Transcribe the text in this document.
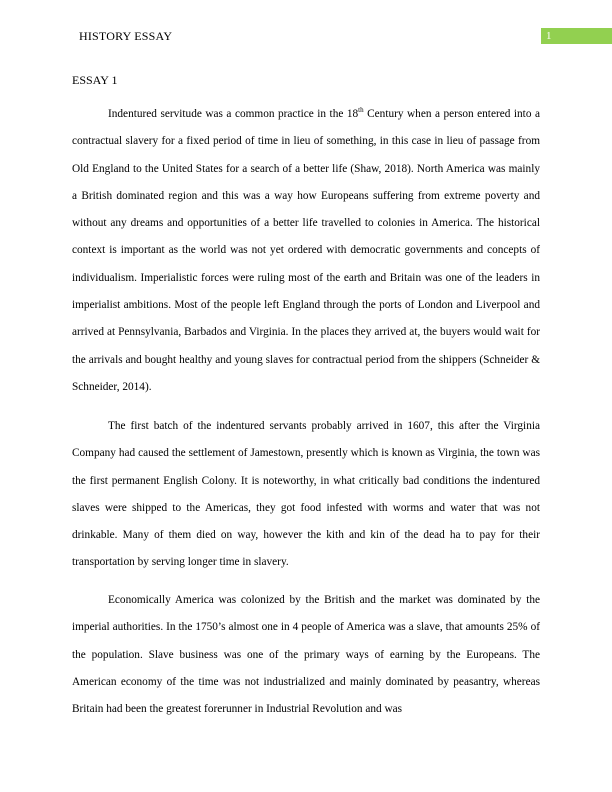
HISTORY ESSAY	1
ESSAY 1

Indentured servitude was a common practice in the 18th Century when a person entered into a contractual slavery for a fixed period of time in lieu of something, in this case in lieu of passage from Old England to the United States for a search of a better life (Shaw, 2018). North America was mainly a British dominated region and this was a way how Europeans suffering from extreme poverty and without any dreams and opportunities of a better life travelled to colonies in America. The historical context is important as the world was not yet ordered with democratic governments and concepts of individualism. Imperialistic forces were ruling most of the earth and Britain was one of the leaders in imperialist ambitions. Most of the people left England through the ports of London and Liverpool and arrived at Pennsylvania, Barbados and Virginia. In the places they arrived at, the buyers would wait for the arrivals and bought healthy and young slaves for contractual period from the shippers (Schneider & Schneider, 2014).

The first batch of the indentured servants probably arrived in 1607, this after the Virginia Company had caused the settlement of Jamestown, presently which is known as Virginia, the town was the first permanent English Colony. It is noteworthy, in what critically bad conditions the indentured slaves were shipped to the Americas, they got food infested with worms and water that was not drinkable. Many of them died on way, however the kith and kin of the dead ha to pay for their transportation by serving longer time in slavery.

Economically America was colonized by the British and the market was dominated by the imperial authorities. In the 1750’s almost one in 4 people of America was a slave, that amounts 25% of the population. Slave business was one of the primary ways of earning by the Europeans. The American economy of the time was not industrialized and mainly dominated by peasantry, whereas Britain had been the greatest forerunner in Industrial Revolution and was
